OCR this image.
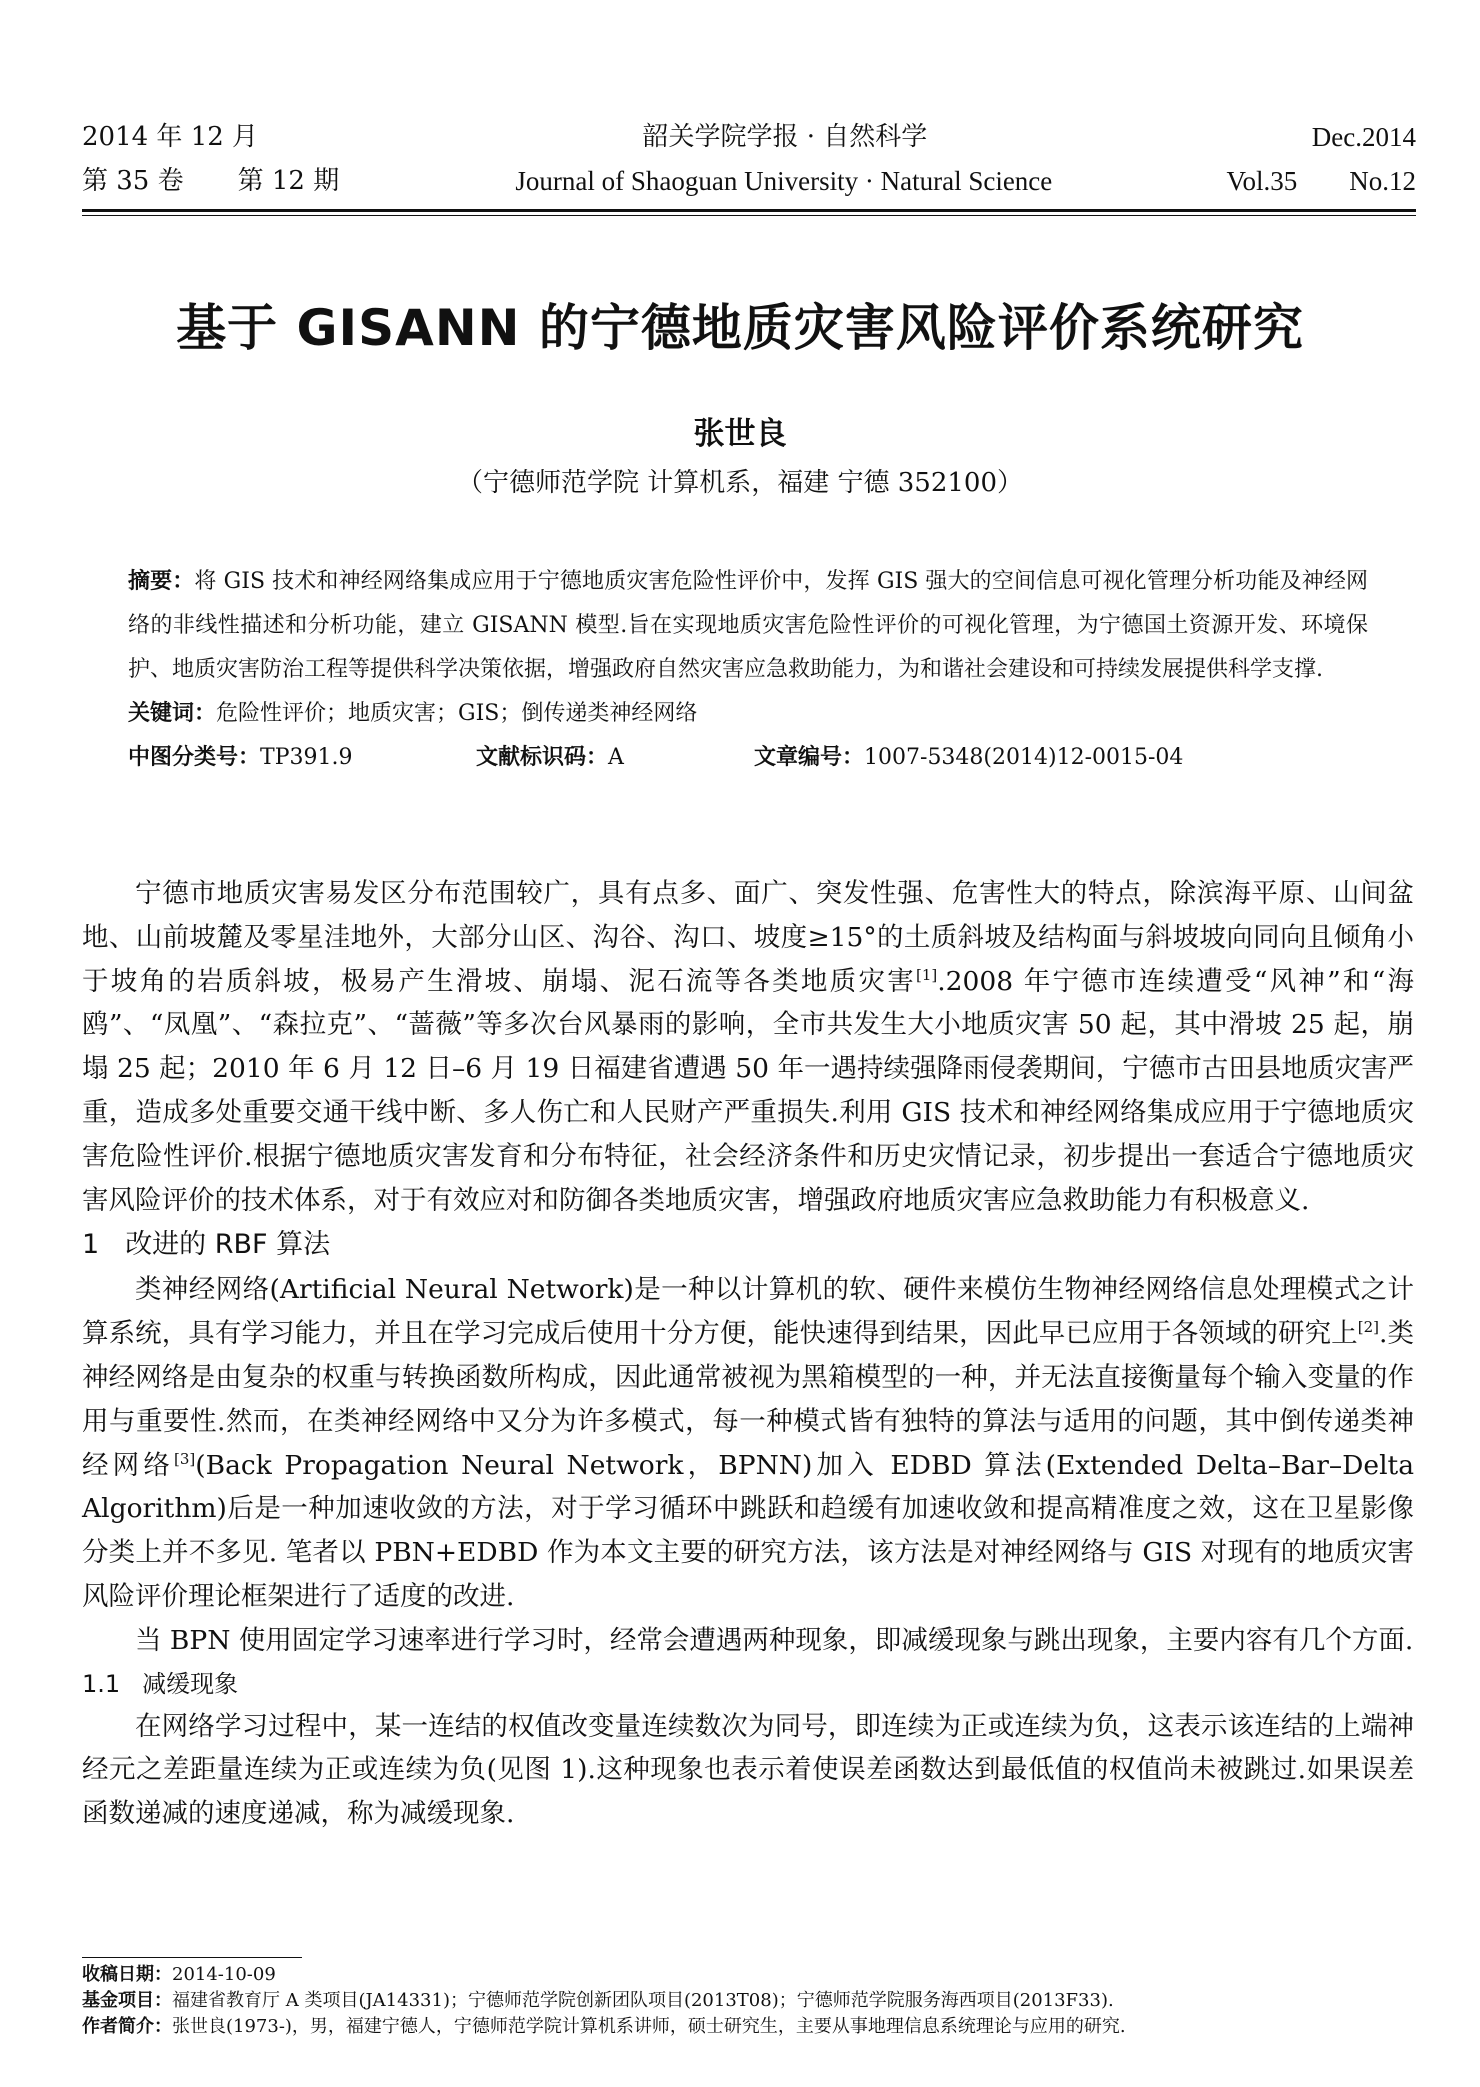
2014 年 12 月	韶关学院学报 · 自然科学	Dec.2014
第 35 卷 第 12 期	Journal of Shaoguan University · Natural Science	Vol.35 No.12
基于 GISANN 的宁德地质灾害风险评价系统研究
张世良
（宁德师范学院 计算机系，福建 宁德 352100）

摘要：将 GIS 技术和神经网络集成应用于宁德地质灾害危险性评价中，发挥 GIS 强大的空间信息可视化管理分析功能及神经网络的非线性描述和分析功能，建立 GISANN 模型.旨在实现地质灾害危险性评价的可视化管理，为宁德国土资源开发、环境保护、地质灾害防治工程等提供科学决策依据，增强政府自然灾害应急救助能力，为和谐社会建设和可持续发展提供科学支撑.

关键词：危险性评价；地质灾害；GIS；倒传递类神经网络

中图分类号：TP391.9	文献标识码：A	文章编号：1007-5348(2014)12-0015-04

宁德市地质灾害易发区分布范围较广，具有点多、面广、突发性强、危害性大的特点，除滨海平原、山间盆地、山前坡麓及零星洼地外，大部分山区、沟谷、沟口、坡度≥15°的土质斜坡及结构面与斜坡坡向同向且倾角小于坡角的岩质斜坡，极易产生滑坡、崩塌、泥石流等各类地质灾害[1].2008 年宁德市连续遭受“风神”和“海鸥”、“凤凰”、“森拉克”、“蔷薇”等多次台风暴雨的影响，全市共发生大小地质灾害 50 起，其中滑坡 25 起，崩塌 25 起；2010 年 6 月 12 日–6 月 19 日福建省遭遇 50 年一遇持续强降雨侵袭期间，宁德市古田县地质灾害严重，造成多处重要交通干线中断、多人伤亡和人民财产严重损失.利用 GIS 技术和神经网络集成应用于宁德地质灾害危险性评价.根据宁德地质灾害发育和分布特征，社会经济条件和历史灾情记录，初步提出一套适合宁德地质灾害风险评价的技术体系，对于有效应对和防御各类地质灾害，增强政府地质灾害应急救助能力有积极意义.

1 改进的 RBF 算法

类神经网络(Artificial Neural Network)是一种以计算机的软、硬件来模仿生物神经网络信息处理模式之计算系统，具有学习能力，并且在学习完成后使用十分方便，能快速得到结果，因此早已应用于各领域的研究上[2].类神经网络是由复杂的权重与转换函数所构成，因此通常被视为黑箱模型的一种，并无法直接衡量每个输入变量的作用与重要性.然而，在类神经网络中又分为许多模式，每一种模式皆有独特的算法与适用的问题，其中倒传递类神经网络[3](Back Propagation Neural Network，BPNN)加入 EDBD 算法(Extended Delta–Bar–Delta Algorithm)后是一种加速收敛的方法，对于学习循环中跳跃和趋缓有加速收敛和提高精准度之效，这在卫星影像分类上并不多见. 笔者以 PBN+EDBD 作为本文主要的研究方法，该方法是对神经网络与 GIS 对现有的地质灾害风险评价理论框架进行了适度的改进.

当 BPN 使用固定学习速率进行学习时，经常会遭遇两种现象，即减缓现象与跳出现象，主要内容有几个方面.

1.1 减缓现象

在网络学习过程中，某一连结的权值改变量连续数次为同号，即连续为正或连续为负，这表示该连结的上端神经元之差距量连续为正或连续为负(见图 1).这种现象也表示着使误差函数达到最低值的权值尚未被跳过.如果误差函数递减的速度递减，称为减缓现象.

收稿日期：2014-10-09
基金项目：福建省教育厅 A 类项目(JA14331)；宁德师范学院创新团队项目(2013T08)；宁德师范学院服务海西项目(2013F33).
作者简介：张世良(1973-)，男，福建宁德人，宁德师范学院计算机系讲师，硕士研究生，主要从事地理信息系统理论与应用的研究.
